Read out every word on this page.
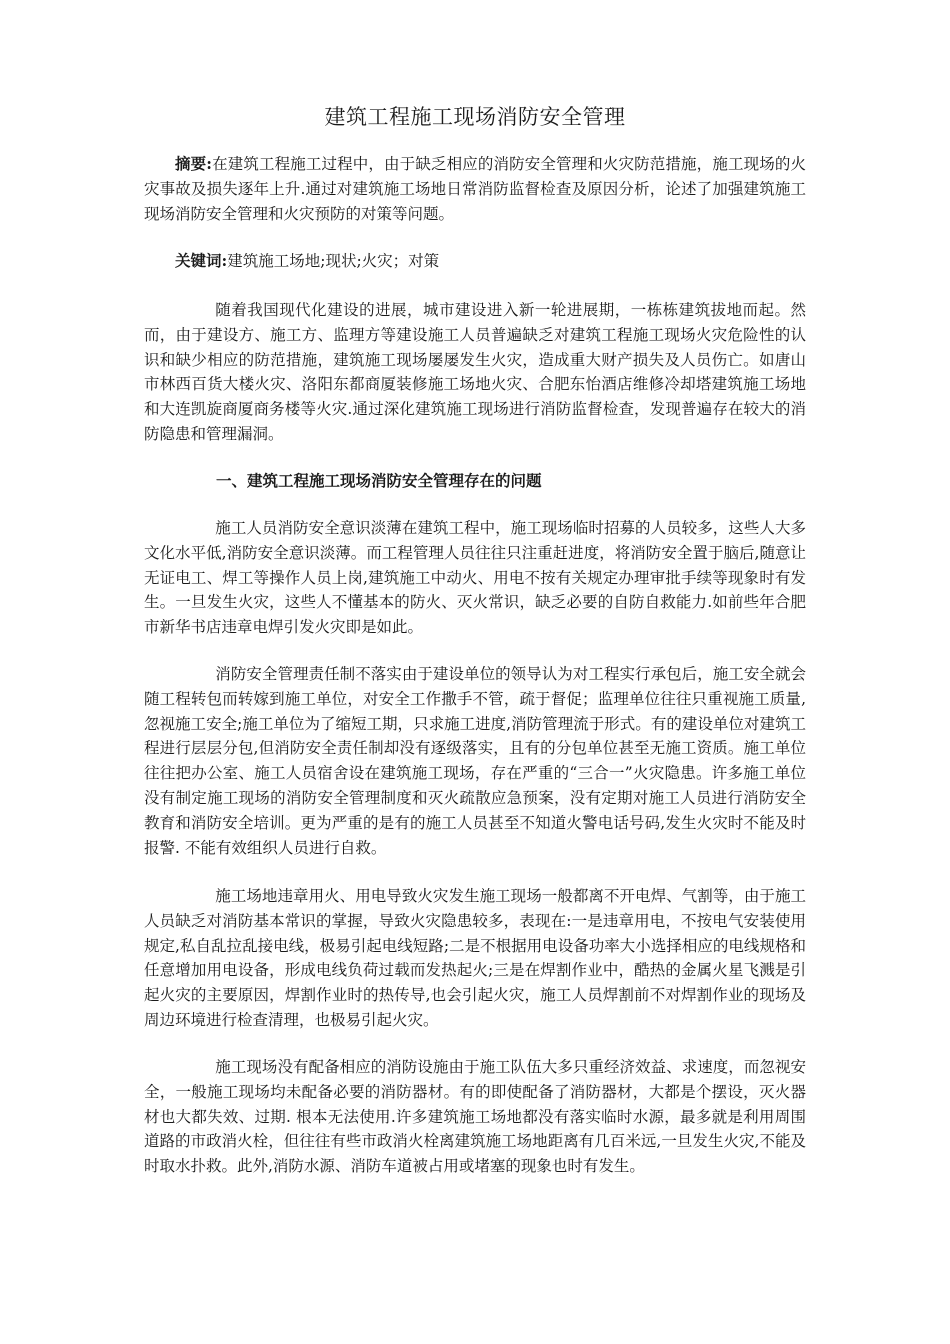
建筑工程施工现场消防安全管理
摘要:在建筑工程施工过程中，由于缺乏相应的消防安全管理和火灾防范措施，施工现场的火灾事故及损失逐年上升.通过对建筑施工场地日常消防监督检查及原因分析，论述了加强建筑施工现场消防安全管理和火灾预防的对策等问题。
关键词:建筑施工场地;现状;火灾；对策
随着我国现代化建设的进展，城市建设进入新一轮进展期，一栋栋建筑拔地而起。然而，由于建设方、施工方、监理方等建设施工人员普遍缺乏对建筑工程施工现场火灾危险性的认识和缺少相应的防范措施，建筑施工现场屡屡发生火灾，造成重大财产损失及人员伤亡。如唐山市林西百货大楼火灾、洛阳东都商厦装修施工场地火灾、合肥东怡酒店维修冷却塔建筑施工场地和大连凯旋商厦商务楼等火灾.通过深化建筑施工现场进行消防监督检查，发现普遍存在较大的消防隐患和管理漏洞。
一、建筑工程施工现场消防安全管理存在的问题
施工人员消防安全意识淡薄在建筑工程中，施工现场临时招募的人员较多，这些人大多文化水平低,消防安全意识淡薄。而工程管理人员往往只注重赶进度，将消防安全置于脑后,随意让无证电工、焊工等操作人员上岗,建筑施工中动火、用电不按有关规定办理审批手续等现象时有发生。一旦发生火灾，这些人不懂基本的防火、灭火常识，缺乏必要的自防自救能力.如前些年合肥市新华书店违章电焊引发火灾即是如此。
消防安全管理责任制不落实由于建设单位的领导认为对工程实行承包后，施工安全就会随工程转包而转嫁到施工单位，对安全工作撒手不管，疏于督促；监理单位往往只重视施工质量,忽视施工安全;施工单位为了缩短工期，只求施工进度,消防管理流于形式。有的建设单位对建筑工程进行层层分包,但消防安全责任制却没有逐级落实，且有的分包单位甚至无施工资质。施工单位往往把办公室、施工人员宿舍设在建筑施工现场，存在严重的“三合一”火灾隐患。许多施工单位没有制定施工现场的消防安全管理制度和灭火疏散应急预案，没有定期对施工人员进行消防安全教育和消防安全培训。更为严重的是有的施工人员甚至不知道火警电话号码,发生火灾时不能及时报警. 不能有效组织人员进行自救。
施工场地违章用火、用电导致火灾发生施工现场一般都离不开电焊、气割等，由于施工人员缺乏对消防基本常识的掌握，导致火灾隐患较多，表现在:一是违章用电，不按电气安装使用规定,私自乱拉乱接电线，极易引起电线短路;二是不根据用电设备功率大小选择相应的电线规格和任意增加用电设备，形成电线负荷过载而发热起火;三是在焊割作业中，酷热的金属火星飞溅是引起火灾的主要原因，焊割作业时的热传导,也会引起火灾，施工人员焊割前不对焊割作业的现场及周边环境进行检查清理，也极易引起火灾。
施工现场没有配备相应的消防设施由于施工队伍大多只重经济效益、求速度，而忽视安全，一般施工现场均未配备必要的消防器材。有的即使配备了消防器材，大都是个摆设，灭火器材也大都失效、过期. 根本无法使用.许多建筑施工场地都没有落实临时水源，最多就是利用周围道路的市政消火栓，但往往有些市政消火栓离建筑施工场地距离有几百米远,一旦发生火灾,不能及时取水扑救。此外,消防水源、消防车道被占用或堵塞的现象也时有发生。
